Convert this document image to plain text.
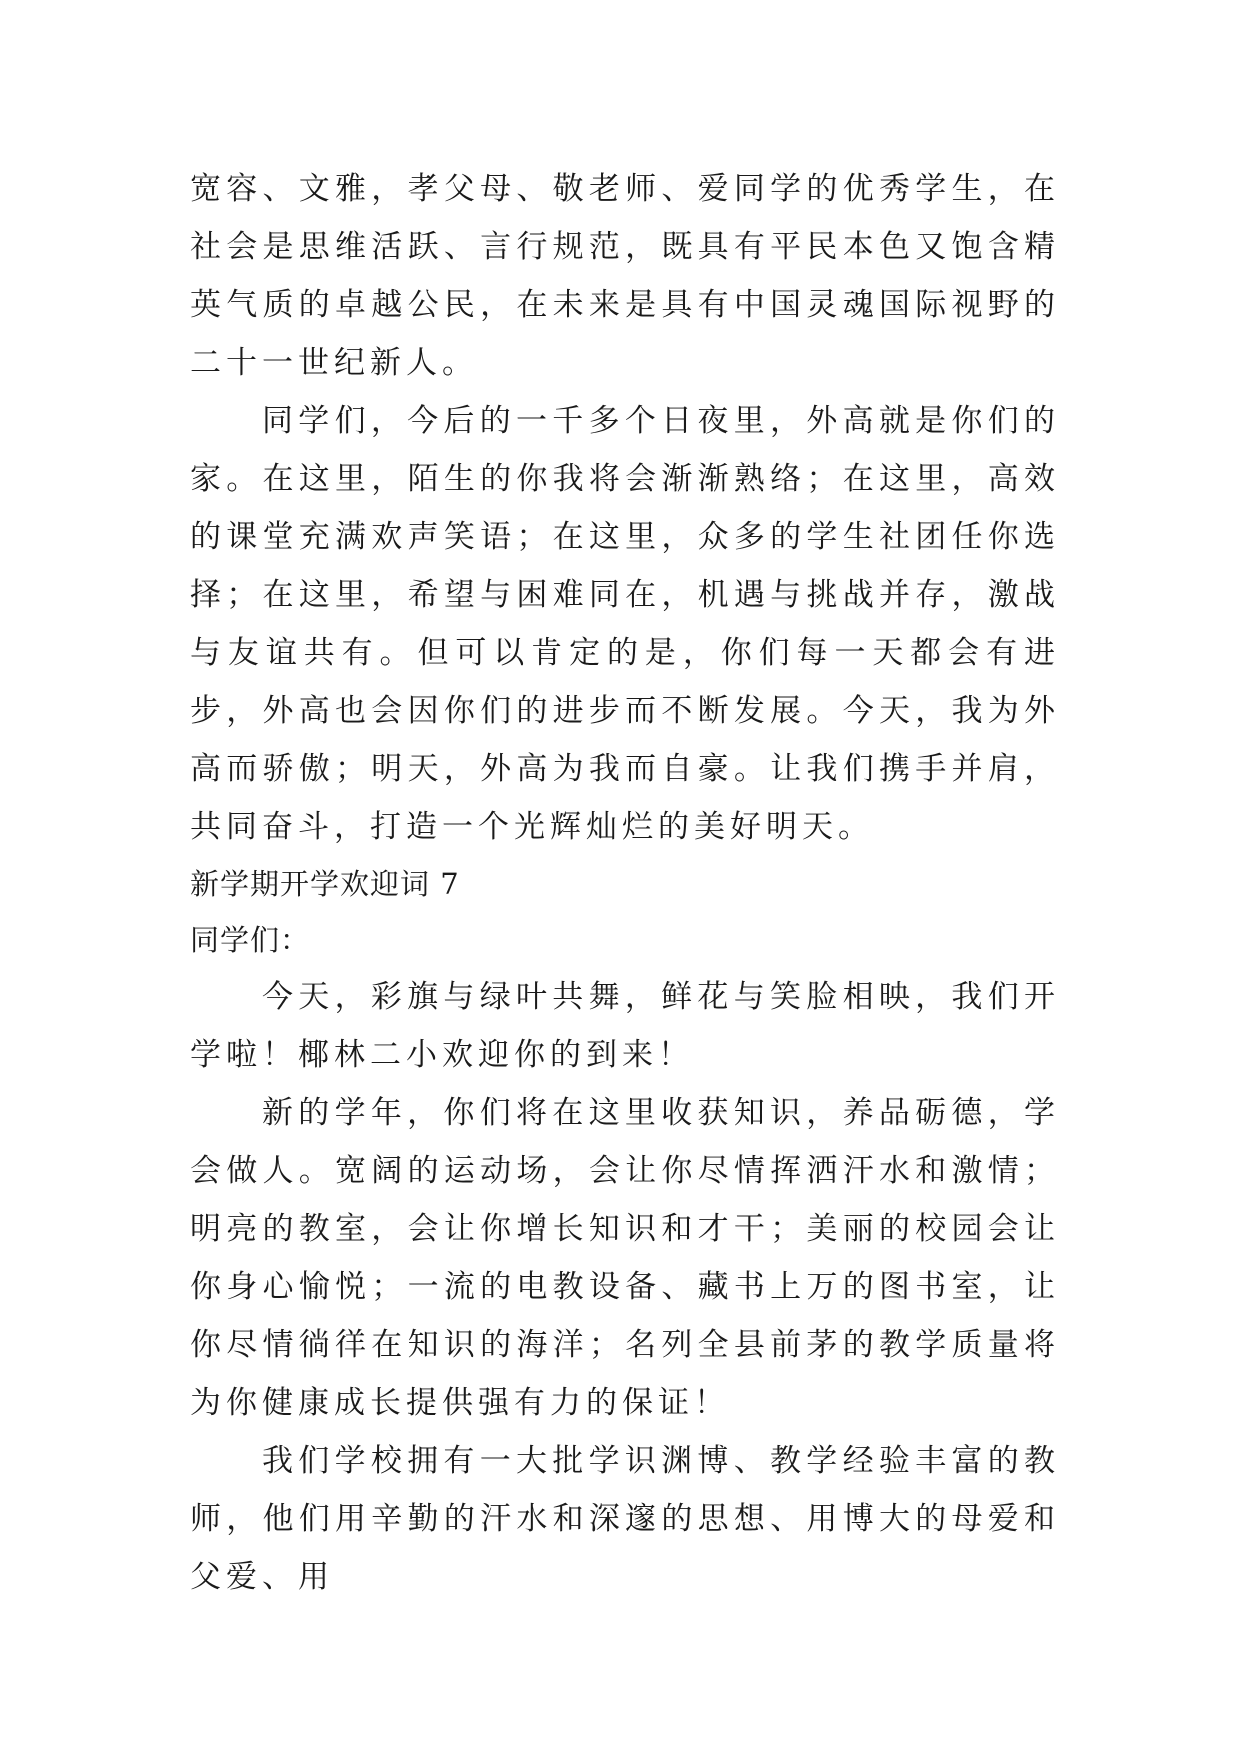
宽容、文雅，孝父母、敬老师、爱同学的优秀学生，在社会是思维活跃、言行规范，既具有平民本色又饱含精英气质的卓越公民，在未来是具有中国灵魂国际视野的二十一世纪新人。

同学们，今后的一千多个日夜里，外高就是你们的家。在这里，陌生的你我将会渐渐熟络；在这里，高效的课堂充满欢声笑语；在这里，众多的学生社团任你选择；在这里，希望与困难同在，机遇与挑战并存，激战与友谊共有。但可以肯定的是，你们每一天都会有进步，外高也会因你们的进步而不断发展。今天，我为外高而骄傲；明天，外高为我而自豪。让我们携手并肩，共同奋斗，打造一个光辉灿烂的美好明天。

新学期开学欢迎词 7

同学们：

今天，彩旗与绿叶共舞，鲜花与笑脸相映，我们开学啦！椰林二小欢迎你的到来！

新的学年，你们将在这里收获知识，养品砺德，学会做人。宽阔的运动场，会让你尽情挥洒汗水和激情；明亮的教室，会让你增长知识和才干；美丽的校园会让你身心愉悦；一流的电教设备、藏书上万的图书室，让你尽情徜徉在知识的海洋；名列全县前茅的教学质量将为你健康成长提供强有力的保证！

我们学校拥有一大批学识渊博、教学经验丰富的教师，他们用辛勤的汗水和深邃的思想、用博大的母爱和父爱、用
